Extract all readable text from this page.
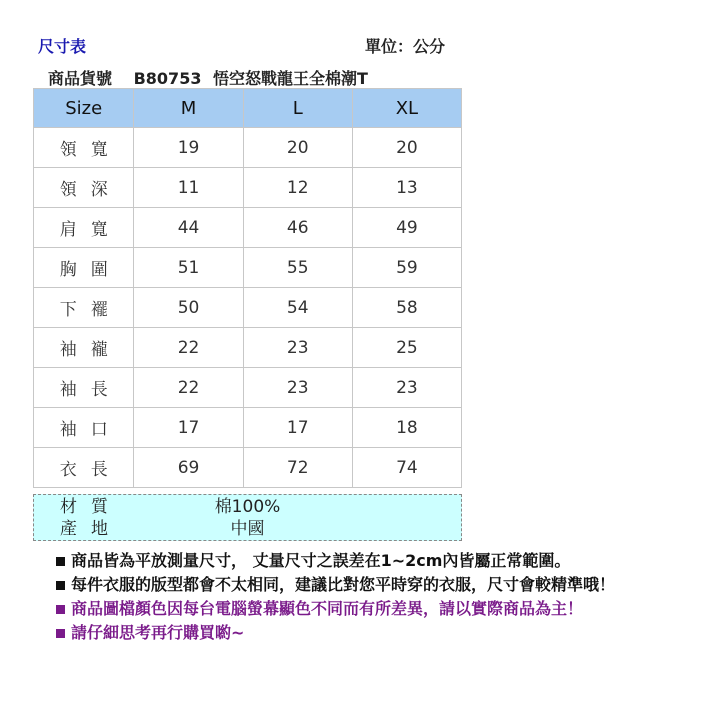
尺寸表	單位：公分
商品貨號 B80753 悟空怒戰龍王全棉潮T
Size	M	L	XL
領寬	19	20	20
領深	11	12	13
肩寬	44	46	49
胸圍	51	55	59
下襬	50	54	58
袖襱	22	23	25
袖長	22	23	23
袖口	17	17	18
衣長	69	72	74
材質	棉100%
產地	中國
商品皆為平放測量尺寸， 丈量尺寸之誤差在1~2cm內皆屬正常範圍。
每件衣服的版型都會不太相同，建議比對您平時穿的衣服，尺寸會較精準哦！
商品圖檔顏色因每台電腦螢幕顯色不同而有所差異，請以實際商品為主！
請仔細思考再行購買喲~
